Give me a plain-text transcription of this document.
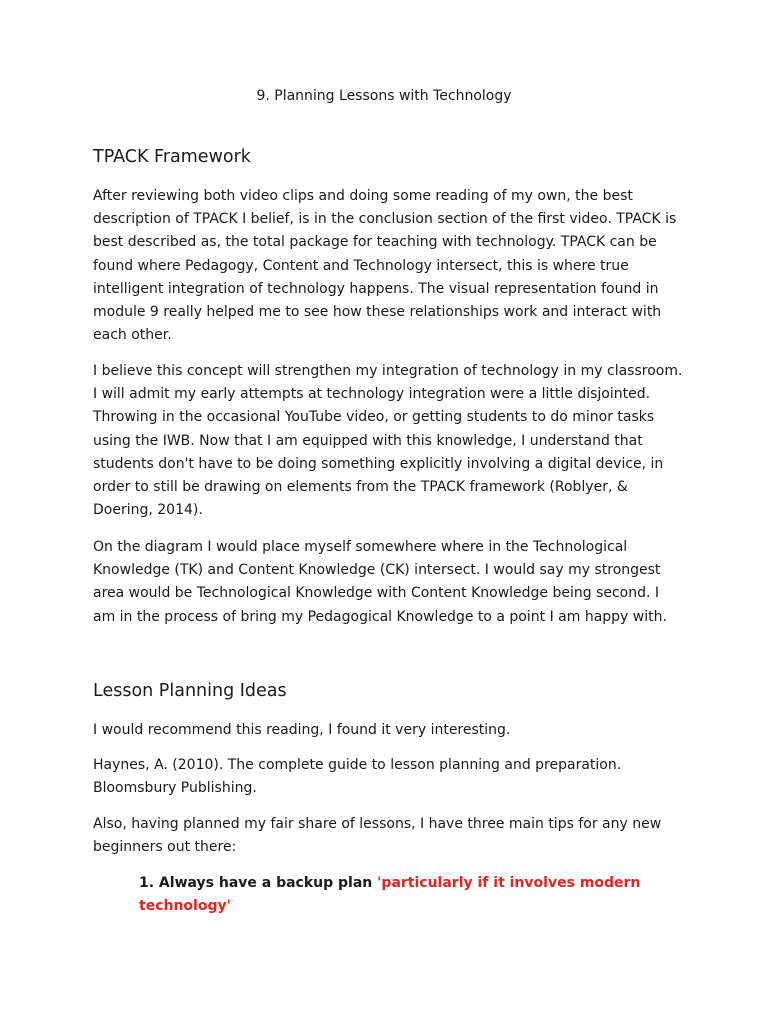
9. Planning Lessons with Technology
TPACK Framework

After reviewing both video clips and doing some reading of my own, the best description of TPACK I belief, is in the conclusion section of the first video. TPACK is best described as, the total package for teaching with technology. TPACK can be found where Pedagogy, Content and Technology intersect, this is where true intelligent integration of technology happens. The visual representation found in module 9 really helped me to see how these relationships work and interact with each other.

I believe this concept will strengthen my integration of technology in my classroom. I will admit my early attempts at technology integration were a little disjointed. Throwing in the occasional YouTube video, or getting students to do minor tasks using the IWB. Now that I am equipped with this knowledge, I understand that students don't have to be doing something explicitly involving a digital device, in order to still be drawing on elements from the TPACK framework (Roblyer, & Doering, 2014).

On the diagram I would place myself somewhere where in the Technological Knowledge (TK) and Content Knowledge (CK) intersect. I would say my strongest area would be Technological Knowledge with Content Knowledge being second. I am in the process of bring my Pedagogical Knowledge to a point I am happy with.

Lesson Planning Ideas

I would recommend this reading, I found it very interesting.

Haynes, A. (2010). The complete guide to lesson planning and preparation. Bloomsbury Publishing.

Also, having planned my fair share of lessons, I have three main tips for any new beginners out there:

1. Always have a backup plan 'particularly if it involves modern technology'
